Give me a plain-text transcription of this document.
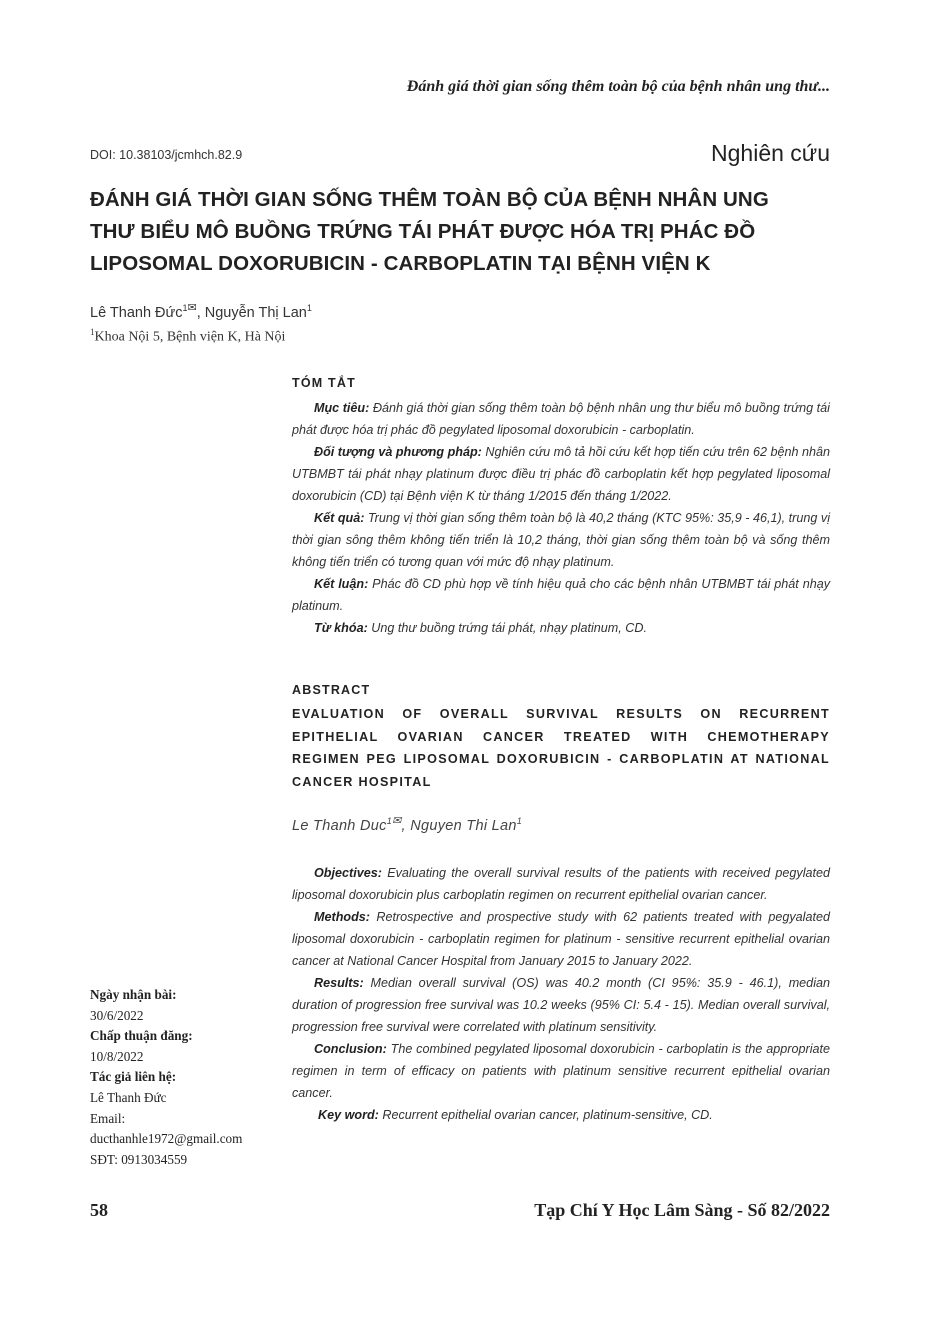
Đánh giá thời gian sống thêm toàn bộ của bệnh nhân ung thư...
DOI: 10.38103/jcmhch.82.9	Nghiên cứu
ĐÁNH GIÁ THỜI GIAN SỐNG THÊM TOÀN BỘ CỦA BỆNH NHÂN UNG
THƯ BIỂU MÔ BUỒNG TRỨNG TÁI PHÁT ĐƯỢC HÓA TRỊ PHÁC ĐỒ
LIPOSOMAL DOXORUBICIN - CARBOPLATIN TẠI BỆNH VIỆN K
Lê Thanh Đức$^{1✉}$, Nguyễn Thị Lan$^1$
$^1$Khoa Nội 5, Bệnh viện K, Hà Nội
TÓM TẮT

Mục tiêu: Đánh giá thời gian sống thêm toàn bộ bệnh nhân ung thư biểu mô buồng trứng tái phát được hóa trị phác đồ pegylated liposomal doxorubicin - carboplatin.

Đối tượng và phương pháp: Nghiên cứu mô tả hồi cứu kết hợp tiến cứu trên 62 bệnh nhân UTBMBT tái phát nhạy platinum được điều trị phác đồ carboplatin kết hợp pegylated liposomal doxorubicin (CD) tại Bệnh viện K từ tháng 1/2015 đến tháng 1/2022.

Kết quả: Trung vị thời gian sống thêm toàn bộ là 40,2 tháng (KTC 95%: 35,9 - 46,1), trung vị thời gian sông thêm không tiến triển là 10,2 tháng, thời gian sống thêm toàn bộ và sống thêm không tiến triển có tương quan với mức độ nhạy platinum.

Kết luận: Phác đồ CD phù hợp về tính hiệu quả cho các bệnh nhân UTBMBT tái phát nhạy platinum.

Từ khóa: Ung thư buồng trứng tái phát, nhạy platinum, CD.

ABSTRACT
EVALUATION OF OVERALL SURVIVAL RESULTS ON RECURRENT EPITHELIAL OVARIAN CANCER TREATED WITH CHEMOTHERAPY REGIMEN PEG LIPOSOMAL DOXORUBICIN - CARBOPLATIN AT NATIONAL CANCER HOSPITAL
Le Thanh Duc$^{1✉}$, Nguyen Thi Lan$^1$

Objectives: Evaluating the overall survival results of the patients with received pegylated liposomal doxorubicin plus carboplatin regimen on recurrent epithelial ovarian cancer.

Methods: Retrospective and prospective study with 62 patients treated with pegyalated liposomal doxorubicin - carboplatin regimen for platinum - sensitive recurrent epithelial ovarian cancer at National Cancer Hospital from January 2015 to January 2022.

Results: Median overall survival (OS) was 40.2 month (CI 95%: 35.9 - 46.1), median duration of progression free survival was 10.2 weeks (95% CI: 5.4 - 15). Median overall survival, progression free survival were correlated with platinum sensitivity.

Conclusion: The combined pegylated liposomal doxorubicin - carboplatin is the appropriate regimen in term of efficacy on patients with platinum sensitive recurrent epithelial ovarian cancer.

Key word: Recurrent epithelial ovarian cancer, platinum-sensitive, CD.

Ngày nhận bài:
30/6/2022
Chấp thuận đăng:
10/8/2022
Tác giả liên hệ:
Lê Thanh Đức
Email:
ducthanhle1972@gmail.com
SĐT: 0913034559
58	Tạp Chí Y Học Lâm Sàng - Số 82/2022
